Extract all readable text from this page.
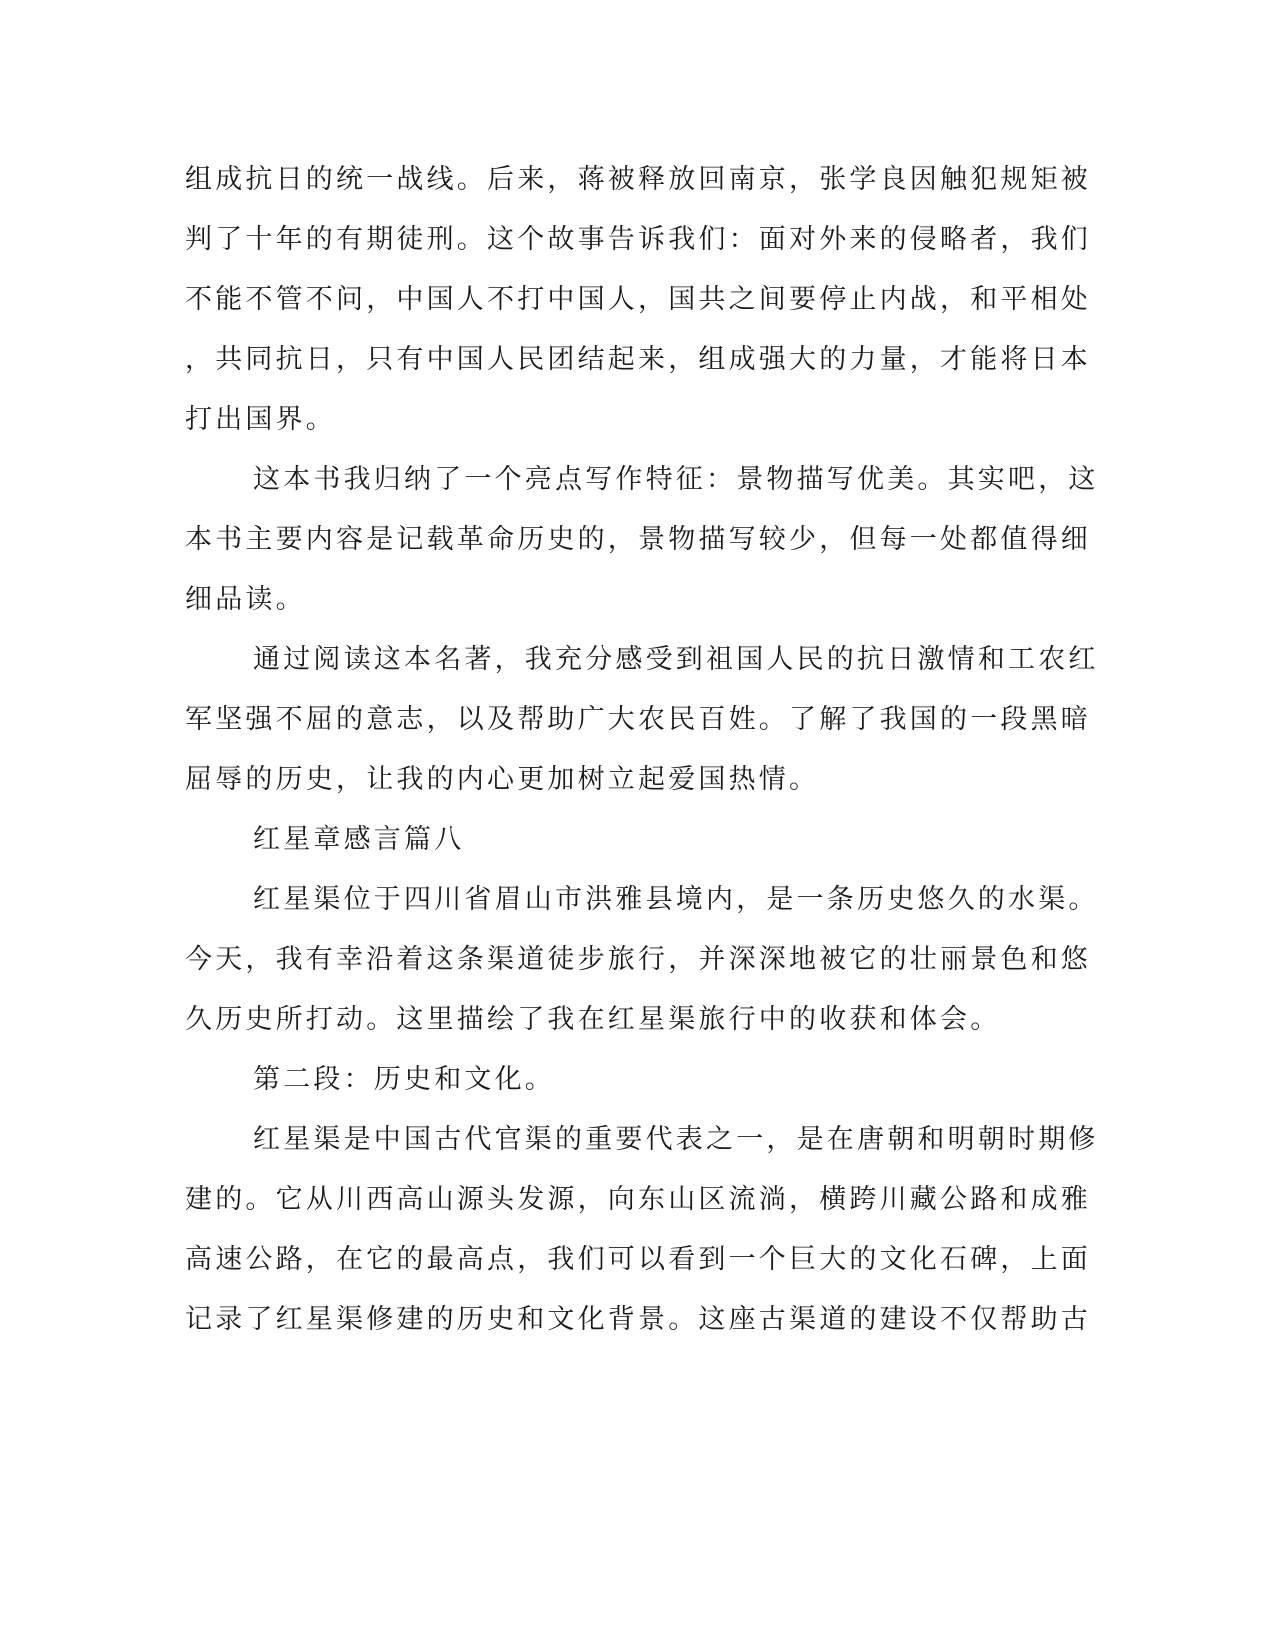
组成抗日的统一战线。后来，蒋被释放回南京，张学良因触犯规矩被
判了十年的有期徒刑。这个故事告诉我们：面对外来的侵略者，我们
不能不管不问，中国人不打中国人，国共之间要停止内战，和平相处
，共同抗日，只有中国人民团结起来，组成强大的力量，才能将日本
打出国界。
这本书我归纳了一个亮点写作特征：景物描写优美。其实吧，这
本书主要内容是记载革命历史的，景物描写较少，但每一处都值得细
细品读。
通过阅读这本名著，我充分感受到祖国人民的抗日激情和工农红
军坚强不屈的意志，以及帮助广大农民百姓。了解了我国的一段黑暗
屈辱的历史，让我的内心更加树立起爱国热情。
红星章感言篇八
红星渠位于四川省眉山市洪雅县境内，是一条历史悠久的水渠。
今天，我有幸沿着这条渠道徒步旅行，并深深地被它的壮丽景色和悠
久历史所打动。这里描绘了我在红星渠旅行中的收获和体会。
第二段：历史和文化。
红星渠是中国古代官渠的重要代表之一，是在唐朝和明朝时期修
建的。它从川西高山源头发源，向东山区流淌，横跨川藏公路和成雅
高速公路，在它的最高点，我们可以看到一个巨大的文化石碑，上面
记录了红星渠修建的历史和文化背景。这座古渠道的建设不仅帮助古
